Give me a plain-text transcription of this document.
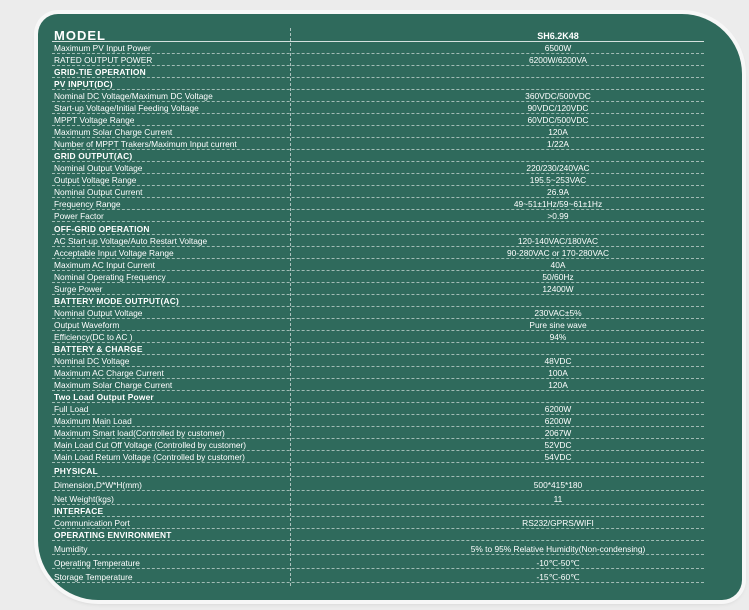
MODEL	SH6.2K48
Maximum PV Input Power	6500W
RATED OUTPUT POWER	6200W/6200VA
GRID-TIE OPERATION
PV INPUT(DC)
Nominal DC Voltage/Maximum DC Voltage	360VDC/500VDC
Start-up Voltage/Initial Feeding Voltage	90VDC/120VDC
MPPT Voltage Range	60VDC/500VDC
Maximum Solar Charge Current	120A
Number of MPPT Trakers/Maximum Input current	1/22A
GRID OUTPUT(AC)
Nominal Output Voltage	220/230/240VAC
Output Voltage Range	195.5~253VAC
Nominal Output Current	26.9A
Frequency Range	49~51±1Hz/59~61±1Hz
Power Factor	>0.99
OFF-GRID OPERATION
AC Start-up Voltage/Auto Restart Voltage	120-140VAC/180VAC
Acceptable Input Voltage Range	90-280VAC or 170-280VAC
Maximum AC Input Current	40A
Nominal Operating Frequency	50/60Hz
Surge Power	12400W
BATTERY MODE OUTPUT(AC)
Nominal Output Voltage	230VAC±5%
Output Waveform	Pure sine wave
Efficiency(DC to AC )	94%
BATTERY & CHARGE
Nominal DC Voltage	48VDC
Maximum AC Charge Current	100A
Maximum Solar Charge Current	120A
Two Load Output Power
Full Load	6200W
Maximum Main Load	6200W
Maximum Smart load(Controlled by customer)	2067W
Main Load Cut Off Voltage (Controlled by customer)	52VDC
Main Load Return Voltage (Controlled by customer)	54VDC
PHYSICAL
Dimension,D*W*H(mm)	500*415*180
Net Weight(kgs)	11
INTERFACE
Communication Port	RS232/GPRS/WIFI
OPERATING ENVIRONMENT
Mumidity	5% to 95% Relative Humidity(Non-condensing)
Operating Temperature	-10℃-50℃
Storage Temperature	-15℃-60℃
